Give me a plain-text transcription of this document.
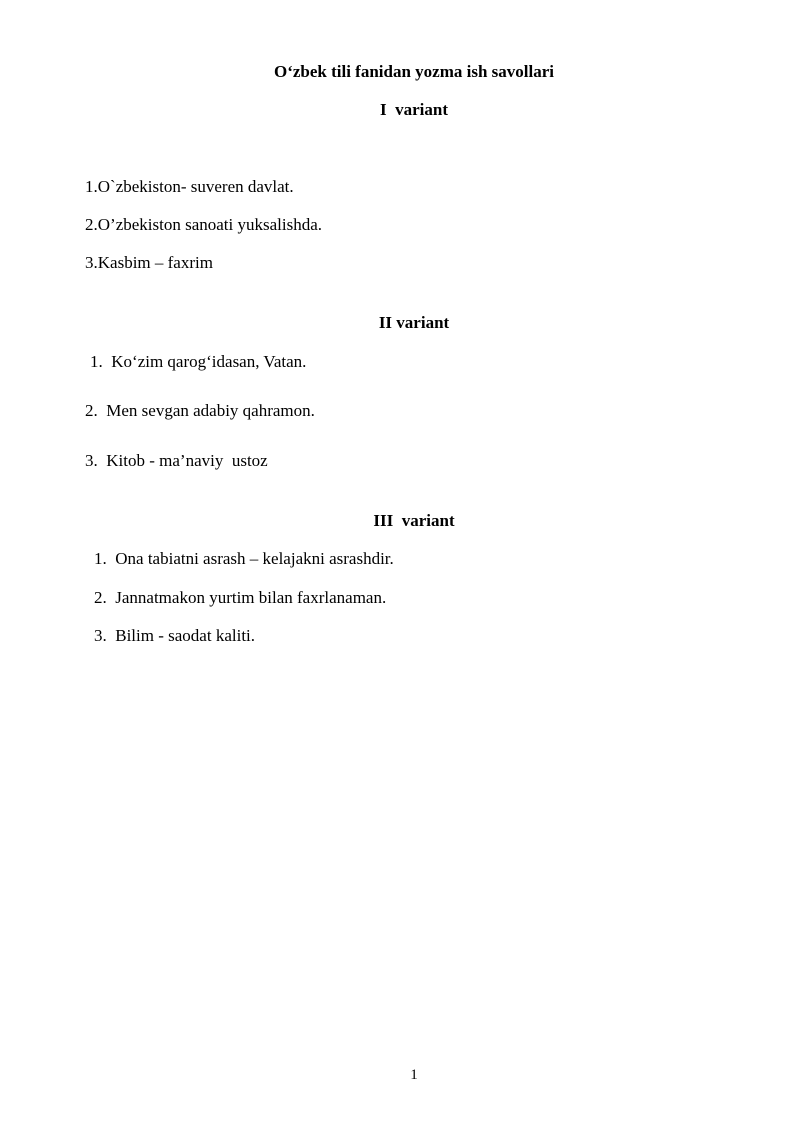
O‘zbek tili fanidan yozma ish savollari
I  variant
1.O`zbekiston- suveren davlat.
2.O’zbekiston sanoati yuksalishda.
3.Kasbim – faxrim
II variant
1.  Ko‘zim qarog‘idasan, Vatan.
2.  Men sevgan adabiy qahramon.
3.  Kitob - ma’naviy  ustoz
III  variant
1.  Ona tabiatni asrash – kelajakni asrashdir.
2.  Jannatmakon yurtim bilan faxrlanaman.
3.  Bilim - saodat kaliti.
1
